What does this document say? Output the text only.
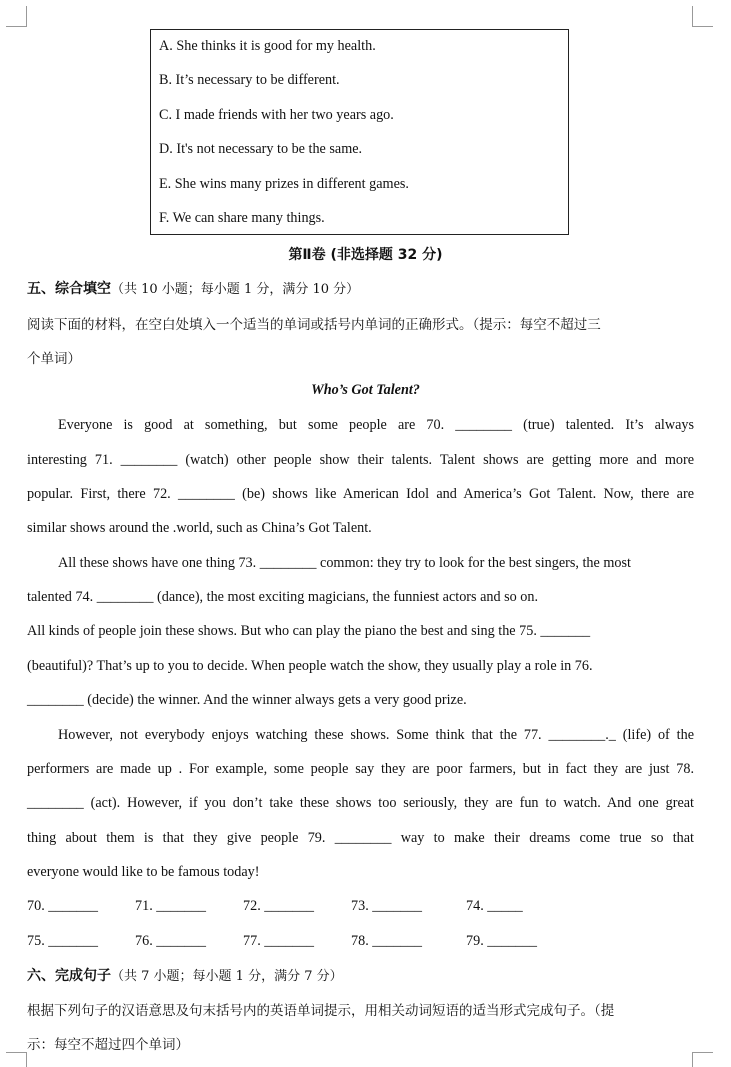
A. She thinks it is good for my health.
B. It’s necessary to be different.
C. I made friends with her two years ago.
D. It's not necessary to be the same.
E. She wins many prizes in different games.
F. We can share many things.
第Ⅱ卷 (非选择题 32 分)
五、综合填空（共 10 小题；每小题 1 分，满分 10 分）
阅读下面的材料，在空白处填入一个适当的单词或括号内单词的正确形式。（提示：每空不超过三
个单词）
Who’s Got Talent?
Everyone is good at something, but some people are 70. ________ (true) talented. It’s always
interesting 71. ________ (watch) other people show their talents. Talent shows are getting more and more
popular. First, there 72. ________ (be) shows like American Idol and America’s Got Talent. Now, there are
similar shows around the .world, such as China’s Got Talent.
All these shows have one thing 73. ________ common: they try to look for the best singers, the most
talented 74. ________ (dance), the most exciting magicians, the funniest actors and so on.
All kinds of people join these shows. But who can play the piano the best and sing the 75. _______
(beautiful)? That’s up to you to decide. When people watch the show, they usually play a role in 76.
________ (decide) the winner. And the winner always gets a very good prize.
However, not everybody enjoys watching these shows. Some think that the 77. ________._ (life) of the
performers are made up . For example, some people say they are poor farmers, but in fact they are just 78.
________ (act). However, if you don’t take these shows too seriously, they are fun to watch. And one great
thing about them is that they give people 79. ________ way to make their dreams come true so that
everyone would like to be famous today!
70. _______	71. _______	72. _______	73. _______	74. _____
75. _______	76. _______	77. _______	78. _______	79. _______
六、完成句子（共 7 小题；每小题 1 分，满分 7 分）
根据下列句子的汉语意思及句末括号内的英语单词提示，用相关动词短语的适当形式完成句子。（提
示：每空不超过四个单词）
